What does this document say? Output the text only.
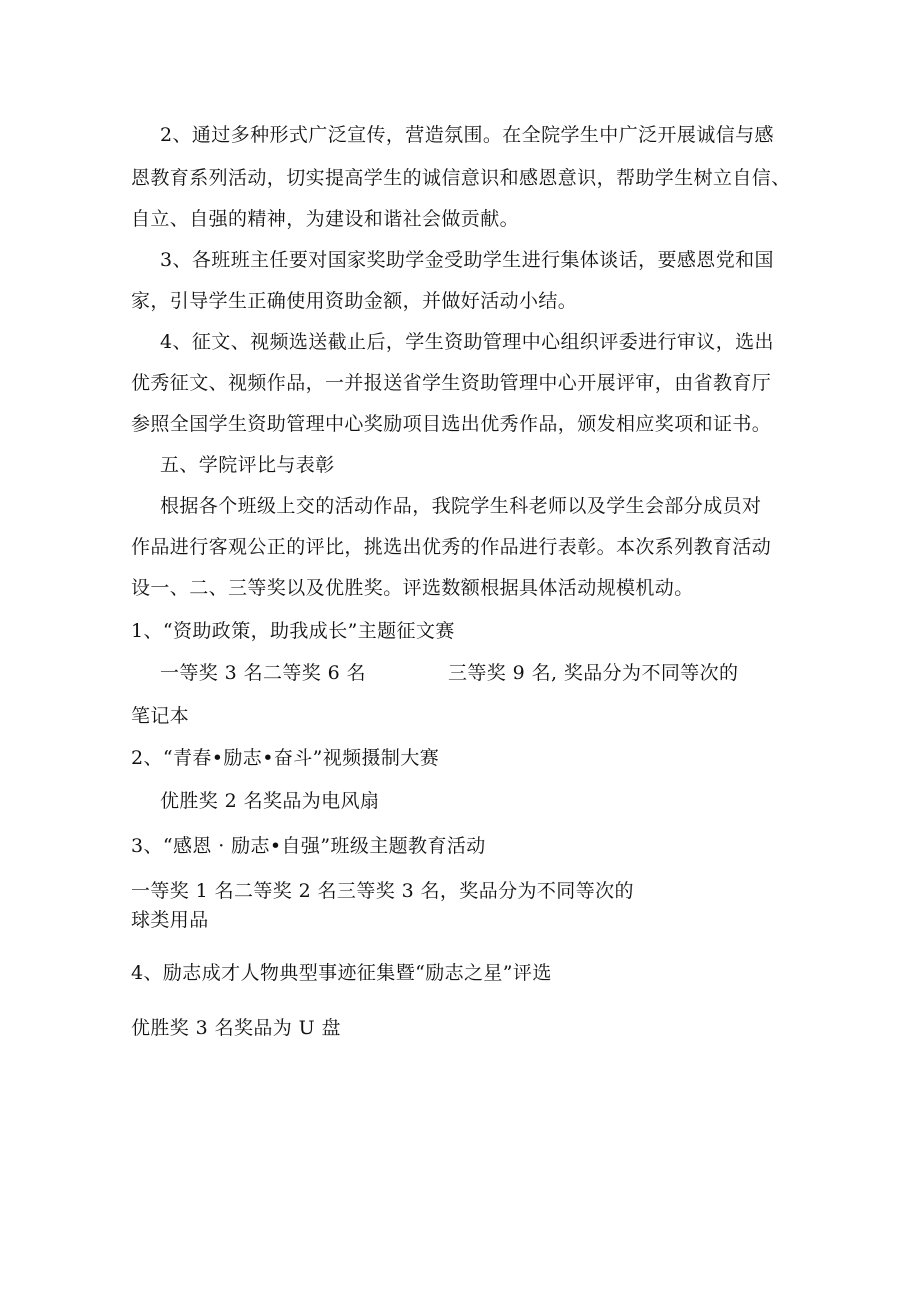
2、通过多种形式广泛宣传，营造氛围。在全院学生中广泛开展诚信与感
恩教育系列活动，切实提高学生的诚信意识和感恩意识，帮助学生树立自信、
自立、自强的精神，为建设和谐社会做贡献。
3、各班班主任要对国家奖助学金受助学生进行集体谈话，要感恩党和国
家，引导学生正确使用资助金额，并做好活动小结。
4、征文、视频选送截止后，学生资助管理中心组织评委进行审议，选出
优秀征文、视频作品，一并报送省学生资助管理中心开展评审，由省教育厅
参照全国学生资助管理中心奖励项目选出优秀作品，颁发相应奖项和证书。
五、学院评比与表彰
根据各个班级上交的活动作品，我院学生科老师以及学生会部分成员对
作品进行客观公正的评比，挑选出优秀的作品进行表彰。本次系列教育活动
设一、二、三等奖以及优胜奖。评选数额根据具体活动规模机动。
1、“资助政策，助我成长”主题征文赛
一等奖 3 名二等奖 6 名	三等奖 9 名, 奖品分为不同等次的
笔记本
2、“青春•励志•奋斗”视频摄制大赛
优胜奖 2 名奖品为电风扇
3、“感恩 · 励志•自强”班级主题教育活动
一等奖 1 名二等奖 2 名三等奖 3 名，奖品分为不同等次的
球类用品
4、励志成才人物典型事迹征集暨“励志之星”评选
优胜奖 3 名奖品为 U 盘
